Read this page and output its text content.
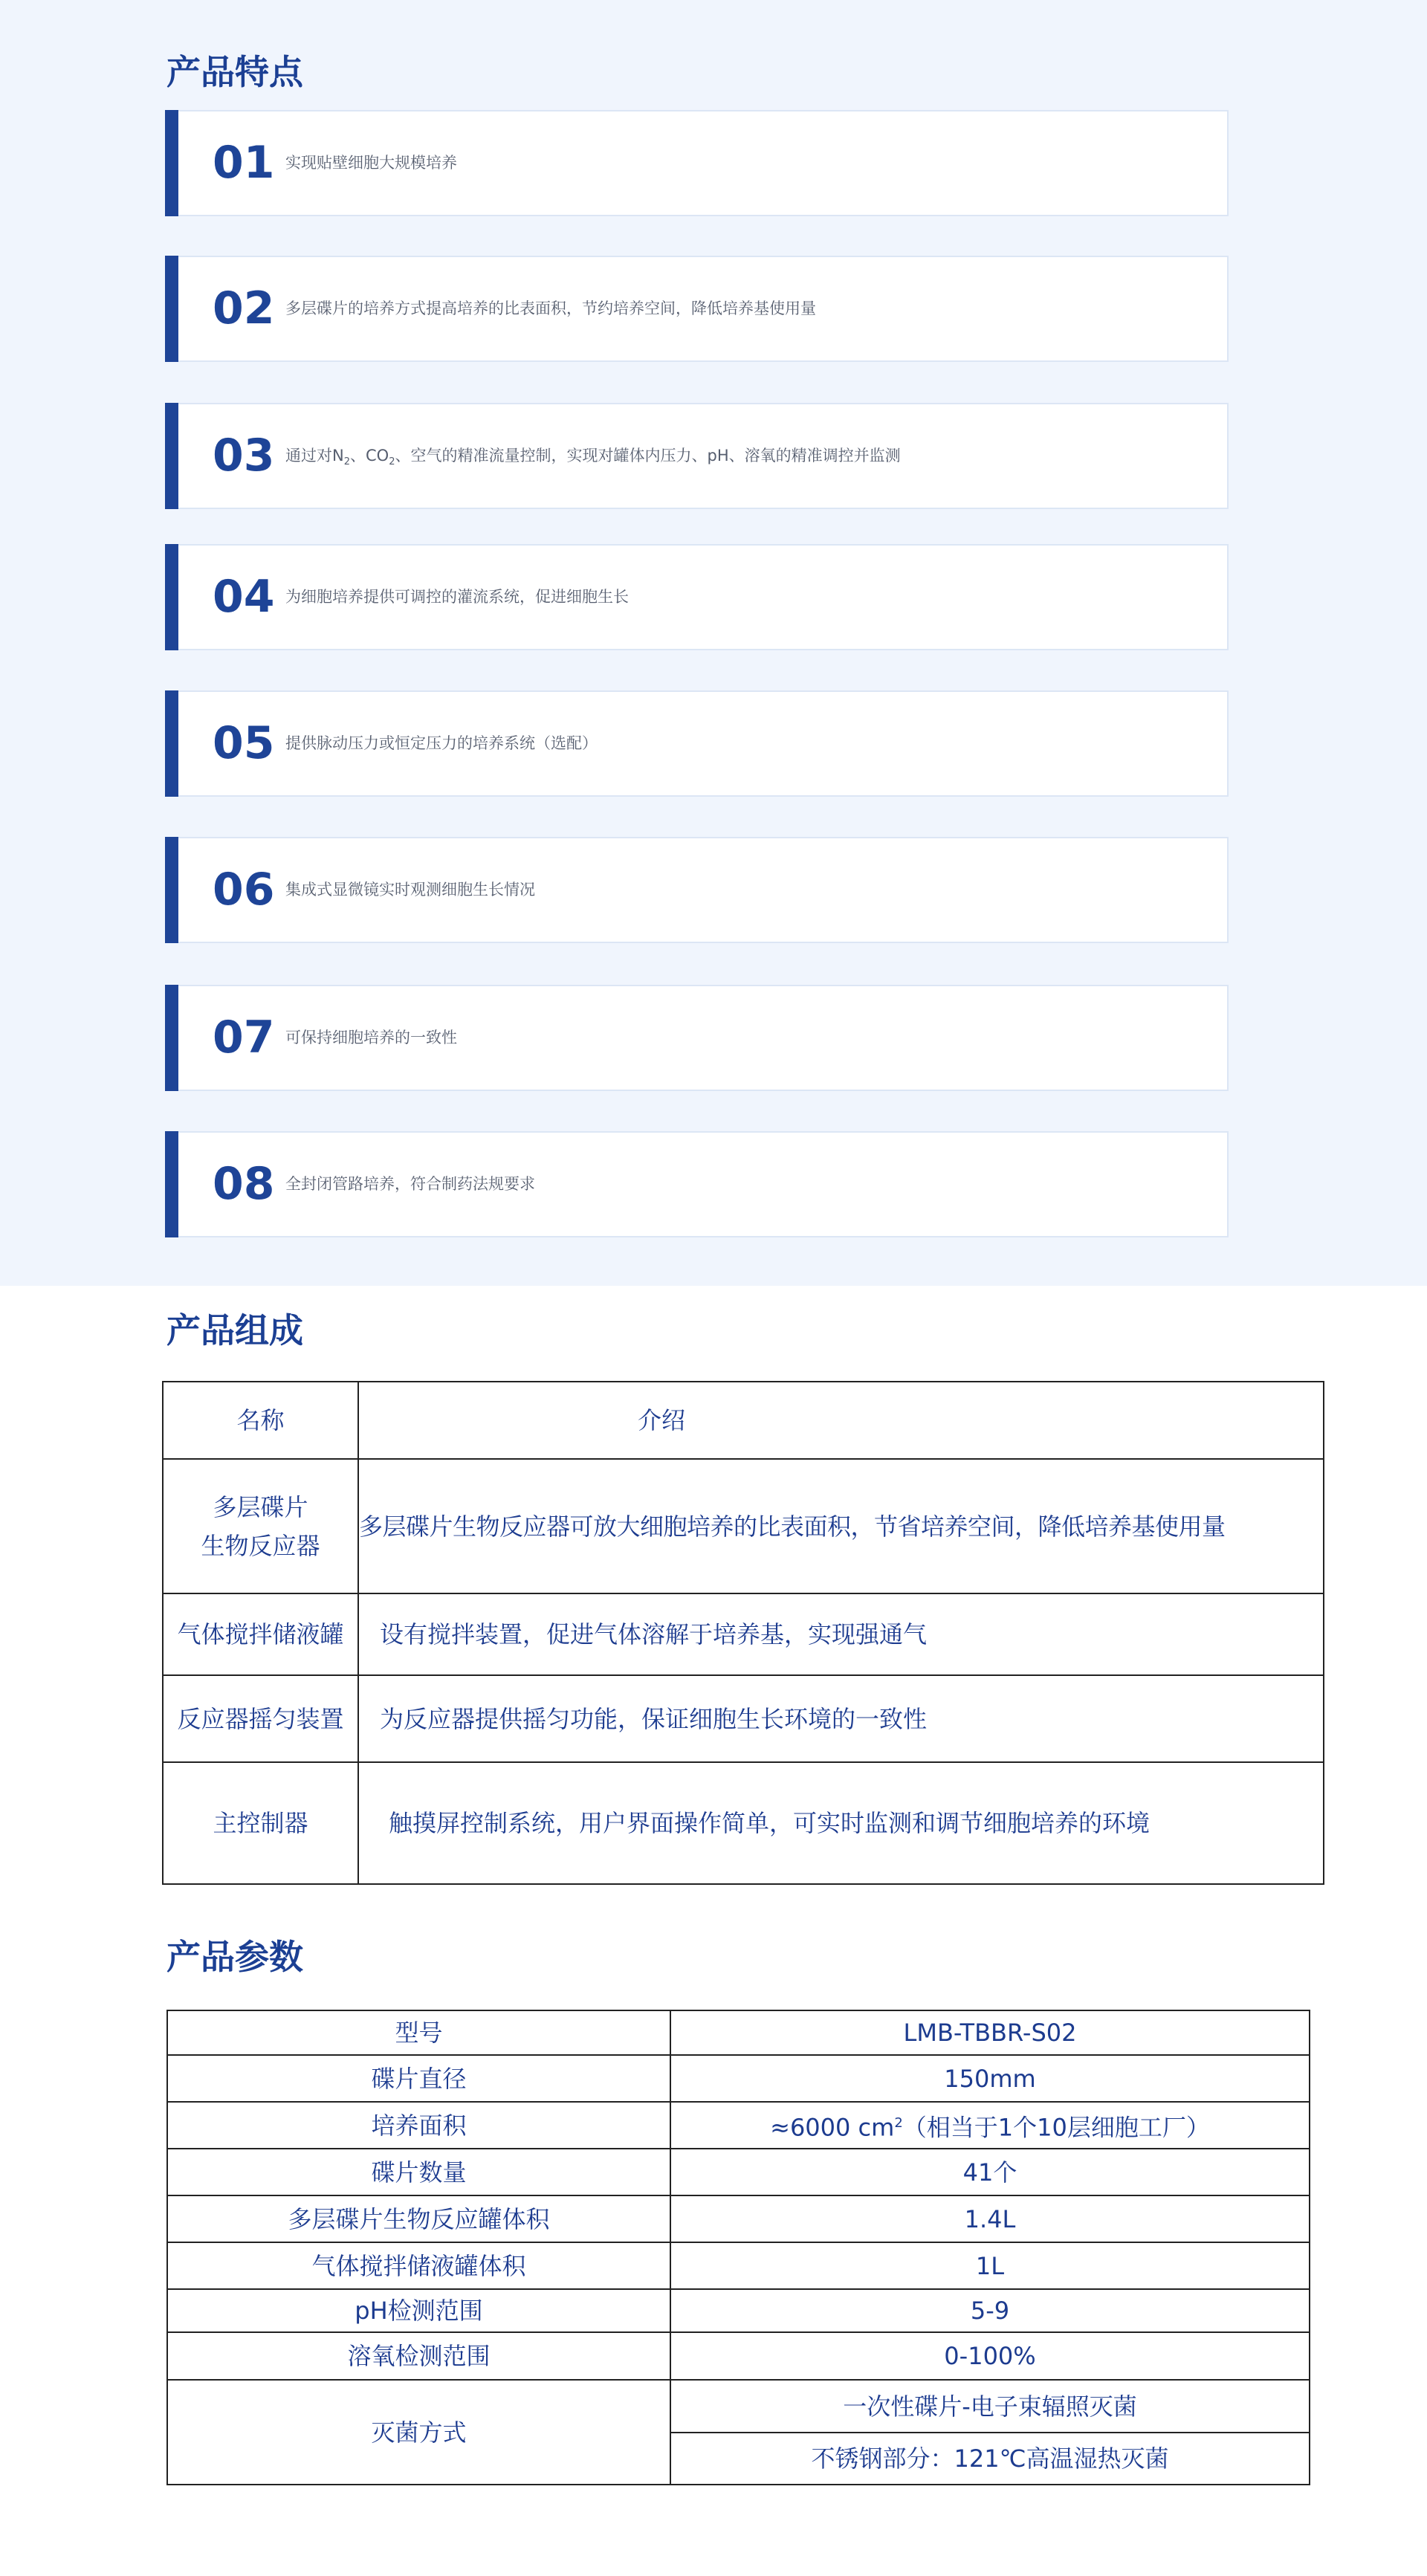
产品特点
01 实现贴壁细胞大规模培养
02 多层碟片的培养方式提高培养的比表面积，节约培养空间，降低培养基使用量
03 通过对$N_2$、$CO_2$、空气的精准流量控制，实现对罐体内压力、pH、溶氧的精准调控并监测
04 为细胞培养提供可调控的灌流系统，促进细胞生长
05 提供脉动压力或恒定压力的培养系统（选配）
06 集成式显微镜实时观测细胞生长情况
07 可保持细胞培养的一致性
08 全封闭管路培养，符合制药法规要求
产品组成
名称	介绍

多层碟片
生物反应器	多层碟片生物反应器可放大细胞培养的比表面积，节省培养空间，降低培养基使用量
气体搅拌储液罐	设有搅拌装置，促进气体溶解于培养基，实现强通气
反应器摇匀装置	为反应器提供摇匀功能，保证细胞生长环境的一致性
主控制器	触摸屏控制系统，用户界面操作简单，可实时监测和调节细胞培养的环境
产品参数
型号	LMB-TBBR-S02
碟片直径	150mm
培养面积	≈6000 $cm^2$（相当于1个10层细胞工厂）
碟片数量	41个
多层碟片生物反应罐体积	1.4L
气体搅拌储液罐体积	1L
pH检测范围	5-9
溶氧检测范围	0-100%
灭菌方式	一次性碟片-电子束辐照灭菌
	不锈钢部分：121℃高温湿热灭菌
